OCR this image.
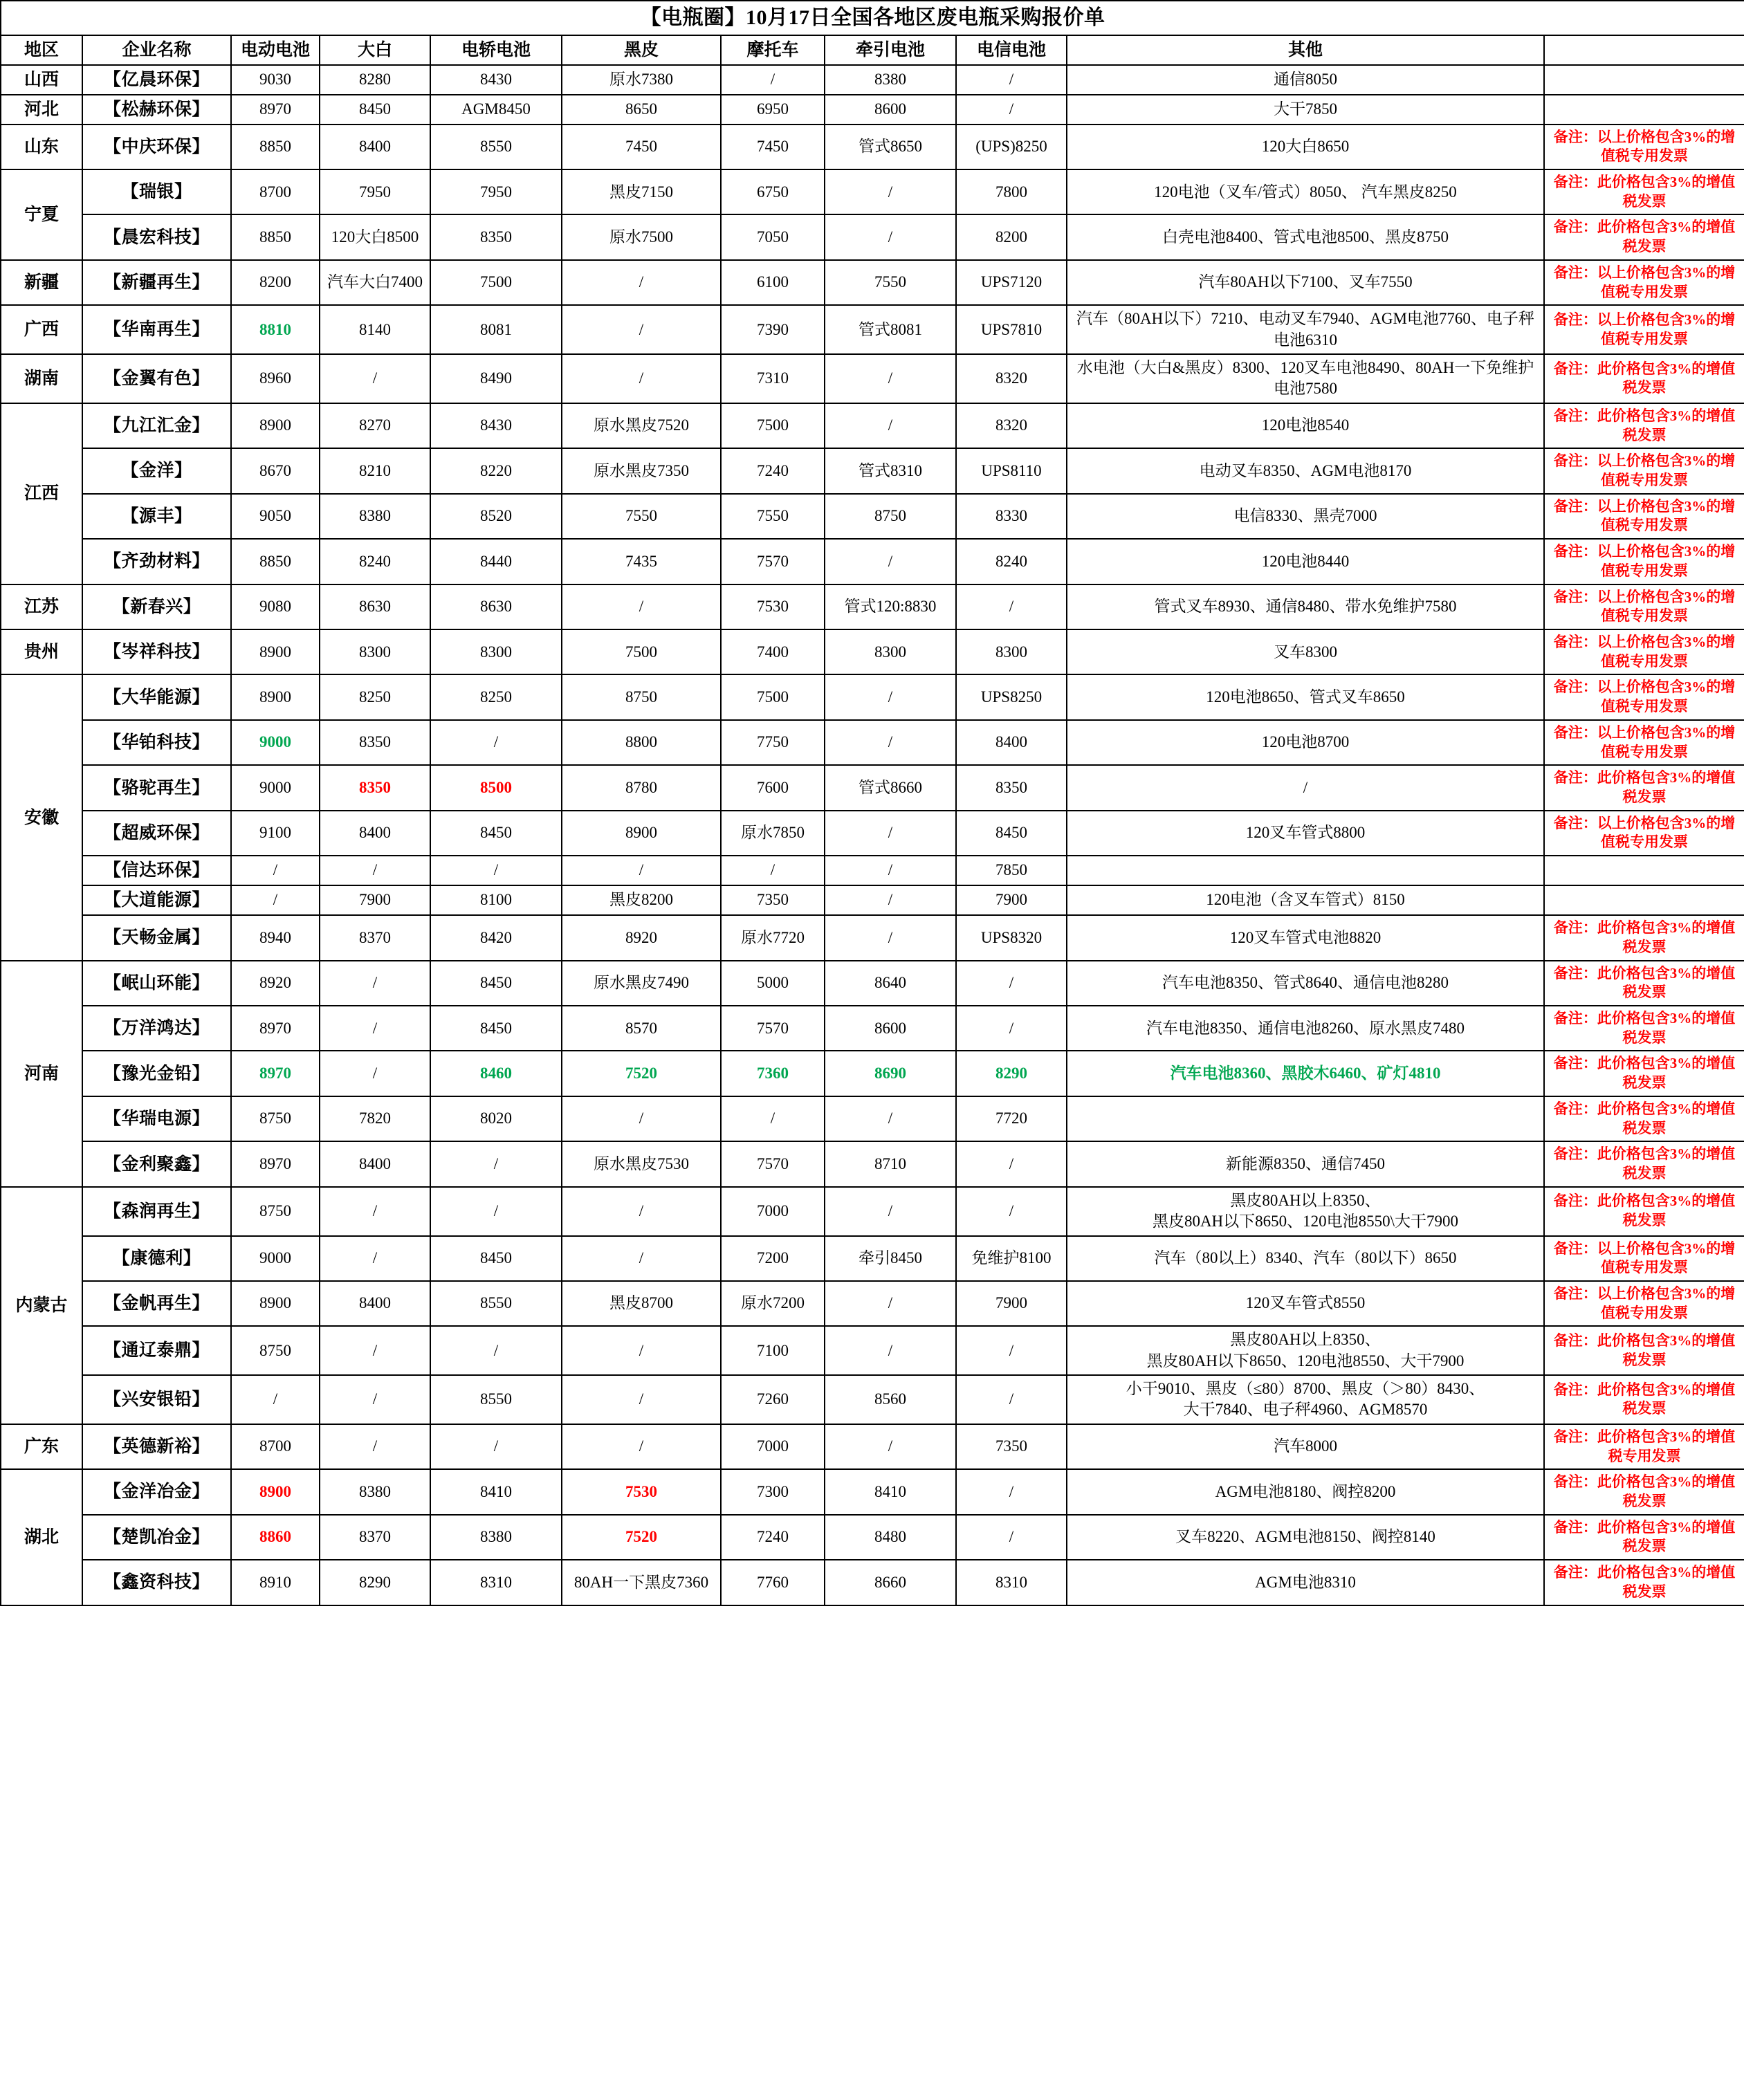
【电瓶圈】10月17日全国各地区废电瓶采购报价单										
地区	企业名称	电动电池	大白	电轿电池	黑皮	摩托车	牵引电池	电信电池	其他	
山西	【亿晨环保】	9030	8280	8430	原水7380	/	8380	/	通信8050	
河北	【松赫环保】	8970	8450	AGM8450	8650	6950	8600	/	大干7850	
山东	【中庆环保】	8850	8400	8550	7450	7450	管式8650	(UPS)8250	120大白8650	备注：以上价格包含3%的增值税专用发票
宁夏	【瑞银】	8700	7950	7950	黑皮7150	6750	/	7800	120电池（叉车/管式）8050、 汽车黑皮8250	备注：此价格包含3%的增值税发票
	【晨宏科技】	8850	120大白8500	8350	原水7500	7050	/	8200	白壳电池8400、管式电池8500、黑皮8750	备注：此价格包含3%的增值税发票
新疆	【新疆再生】	8200	汽车大白7400	7500	/	6100	7550	UPS7120	汽车80AH以下7100、叉车7550	备注：以上价格包含3%的增值税专用发票
广西	【华南再生】	8810	8140	8081	/	7390	管式8081	UPS7810	汽车（80AH以下）7210、电动叉车7940、AGM电池7760、电子秤电池6310	备注：以上价格包含3%的增值税专用发票
湖南	【金翼有色】	8960	/	8490	/	7310	/	8320	水电池（大白&黑皮）8300、120叉车电池8490、80AH一下免维护电池7580	备注：此价格包含3%的增值税发票
江西	【九江汇金】	8900	8270	8430	原水黑皮7520	7500	/	8320	120电池8540	备注：此价格包含3%的增值税发票
	【金洋】	8670	8210	8220	原水黑皮7350	7240	管式8310	UPS8110	电动叉车8350、AGM电池8170	备注：以上价格包含3%的增值税专用发票
	【源丰】	9050	8380	8520	7550	7550	8750	8330	电信8330、黑壳7000	备注：以上价格包含3%的增值税专用发票
	【齐劲材料】	8850	8240	8440	7435	7570	/	8240	120电池8440	备注：以上价格包含3%的增值税专用发票
江苏	【新春兴】	9080	8630	8630	/	7530	管式120:8830	/	管式叉车8930、通信8480、带水免维护7580	备注：以上价格包含3%的增值税专用发票
贵州	【岑祥科技】	8900	8300	8300	7500	7400	8300	8300	叉车8300	备注：以上价格包含3%的增值税专用发票
安徽	【大华能源】	8900	8250	8250	8750	7500	/	UPS8250	120电池8650、管式叉车8650	备注：以上价格包含3%的增值税专用发票
	【华铂科技】	9000	8350	/	8800	7750	/	8400	120电池8700	备注：以上价格包含3%的增值税专用发票
	【骆驼再生】	9000	8350	8500	8780	7600	管式8660	8350	/	备注：此价格包含3%的增值税发票
	【超威环保】	9100	8400	8450	8900	原水7850	/	8450	120叉车管式8800	备注：以上价格包含3%的增值税专用发票
	【信达环保】	/	/	/	/	/	/	7850		
	【大道能源】	/	7900	8100	黑皮8200	7350	/	7900	120电池（含叉车管式）8150	
	【天畅金属】	8940	8370	8420	8920	原水7720	/	UPS8320	120叉车管式电池8820	备注：此价格包含3%的增值税发票
河南	【岷山环能】	8920	/	8450	原水黑皮7490	5000	8640	/	汽车电池8350、管式8640、通信电池8280	备注：此价格包含3%的增值税发票
	【万洋鸿达】	8970	/	8450	8570	7570	8600	/	汽车电池8350、通信电池8260、原水黑皮7480	备注：此价格包含3%的增值税发票
	【豫光金铅】	8970	/	8460	7520	7360	8690	8290	汽车电池8360、黑胶木6460、矿灯4810	备注：此价格包含3%的增值税发票
	【华瑞电源】	8750	7820	8020	/	/	/	7720		备注：此价格包含3%的增值税发票
	【金利聚鑫】	8970	8400	/	原水黑皮7530	7570	8710	/	新能源8350、通信7450	备注：此价格包含3%的增值税发票
内蒙古	【森润再生】	8750	/	/	/	7000	/	/	黑皮80AH以上8350、
黑皮80AH以下8650、120电池8550\大干7900	备注：此价格包含3%的增值税发票
	【康德利】	9000	/	8450	/	7200	牵引8450	免维护8100	汽车（80以上）8340、汽车（80以下）8650	备注：以上价格包含3%的增值税专用发票
	【金帆再生】	8900	8400	8550	黑皮8700	原水7200	/	7900	120叉车管式8550	备注：以上价格包含3%的增值税专用发票
	【通辽泰鼎】	8750	/	/	/	7100	/	/	黑皮80AH以上8350、
黑皮80AH以下8650、120电池8550、大干7900	备注：此价格包含3%的增值税发票
	【兴安银铅】	/	/	8550	/	7260	8560	/	小干9010、黑皮（≤80）8700、黑皮（＞80）8430、
大干7840、电子秤4960、AGM8570	备注：此价格包含3%的增值税发票
广东	【英德新裕】	8700	/	/	/	7000	/	7350	汽车8000	备注：此价格包含3%的增值税专用发票
湖北	【金洋冶金】	8900	8380	8410	7530	7300	8410	/	AGM电池8180、阀控8200	备注：此价格包含3%的增值税发票
	【楚凯冶金】	8860	8370	8380	7520	7240	8480	/	叉车8220、AGM电池8150、阀控8140	备注：此价格包含3%的增值税发票
	【鑫资科技】	8910	8290	8310	80AH一下黑皮7360	7760	8660	8310	AGM电池8310	备注：此价格包含3%的增值税发票
